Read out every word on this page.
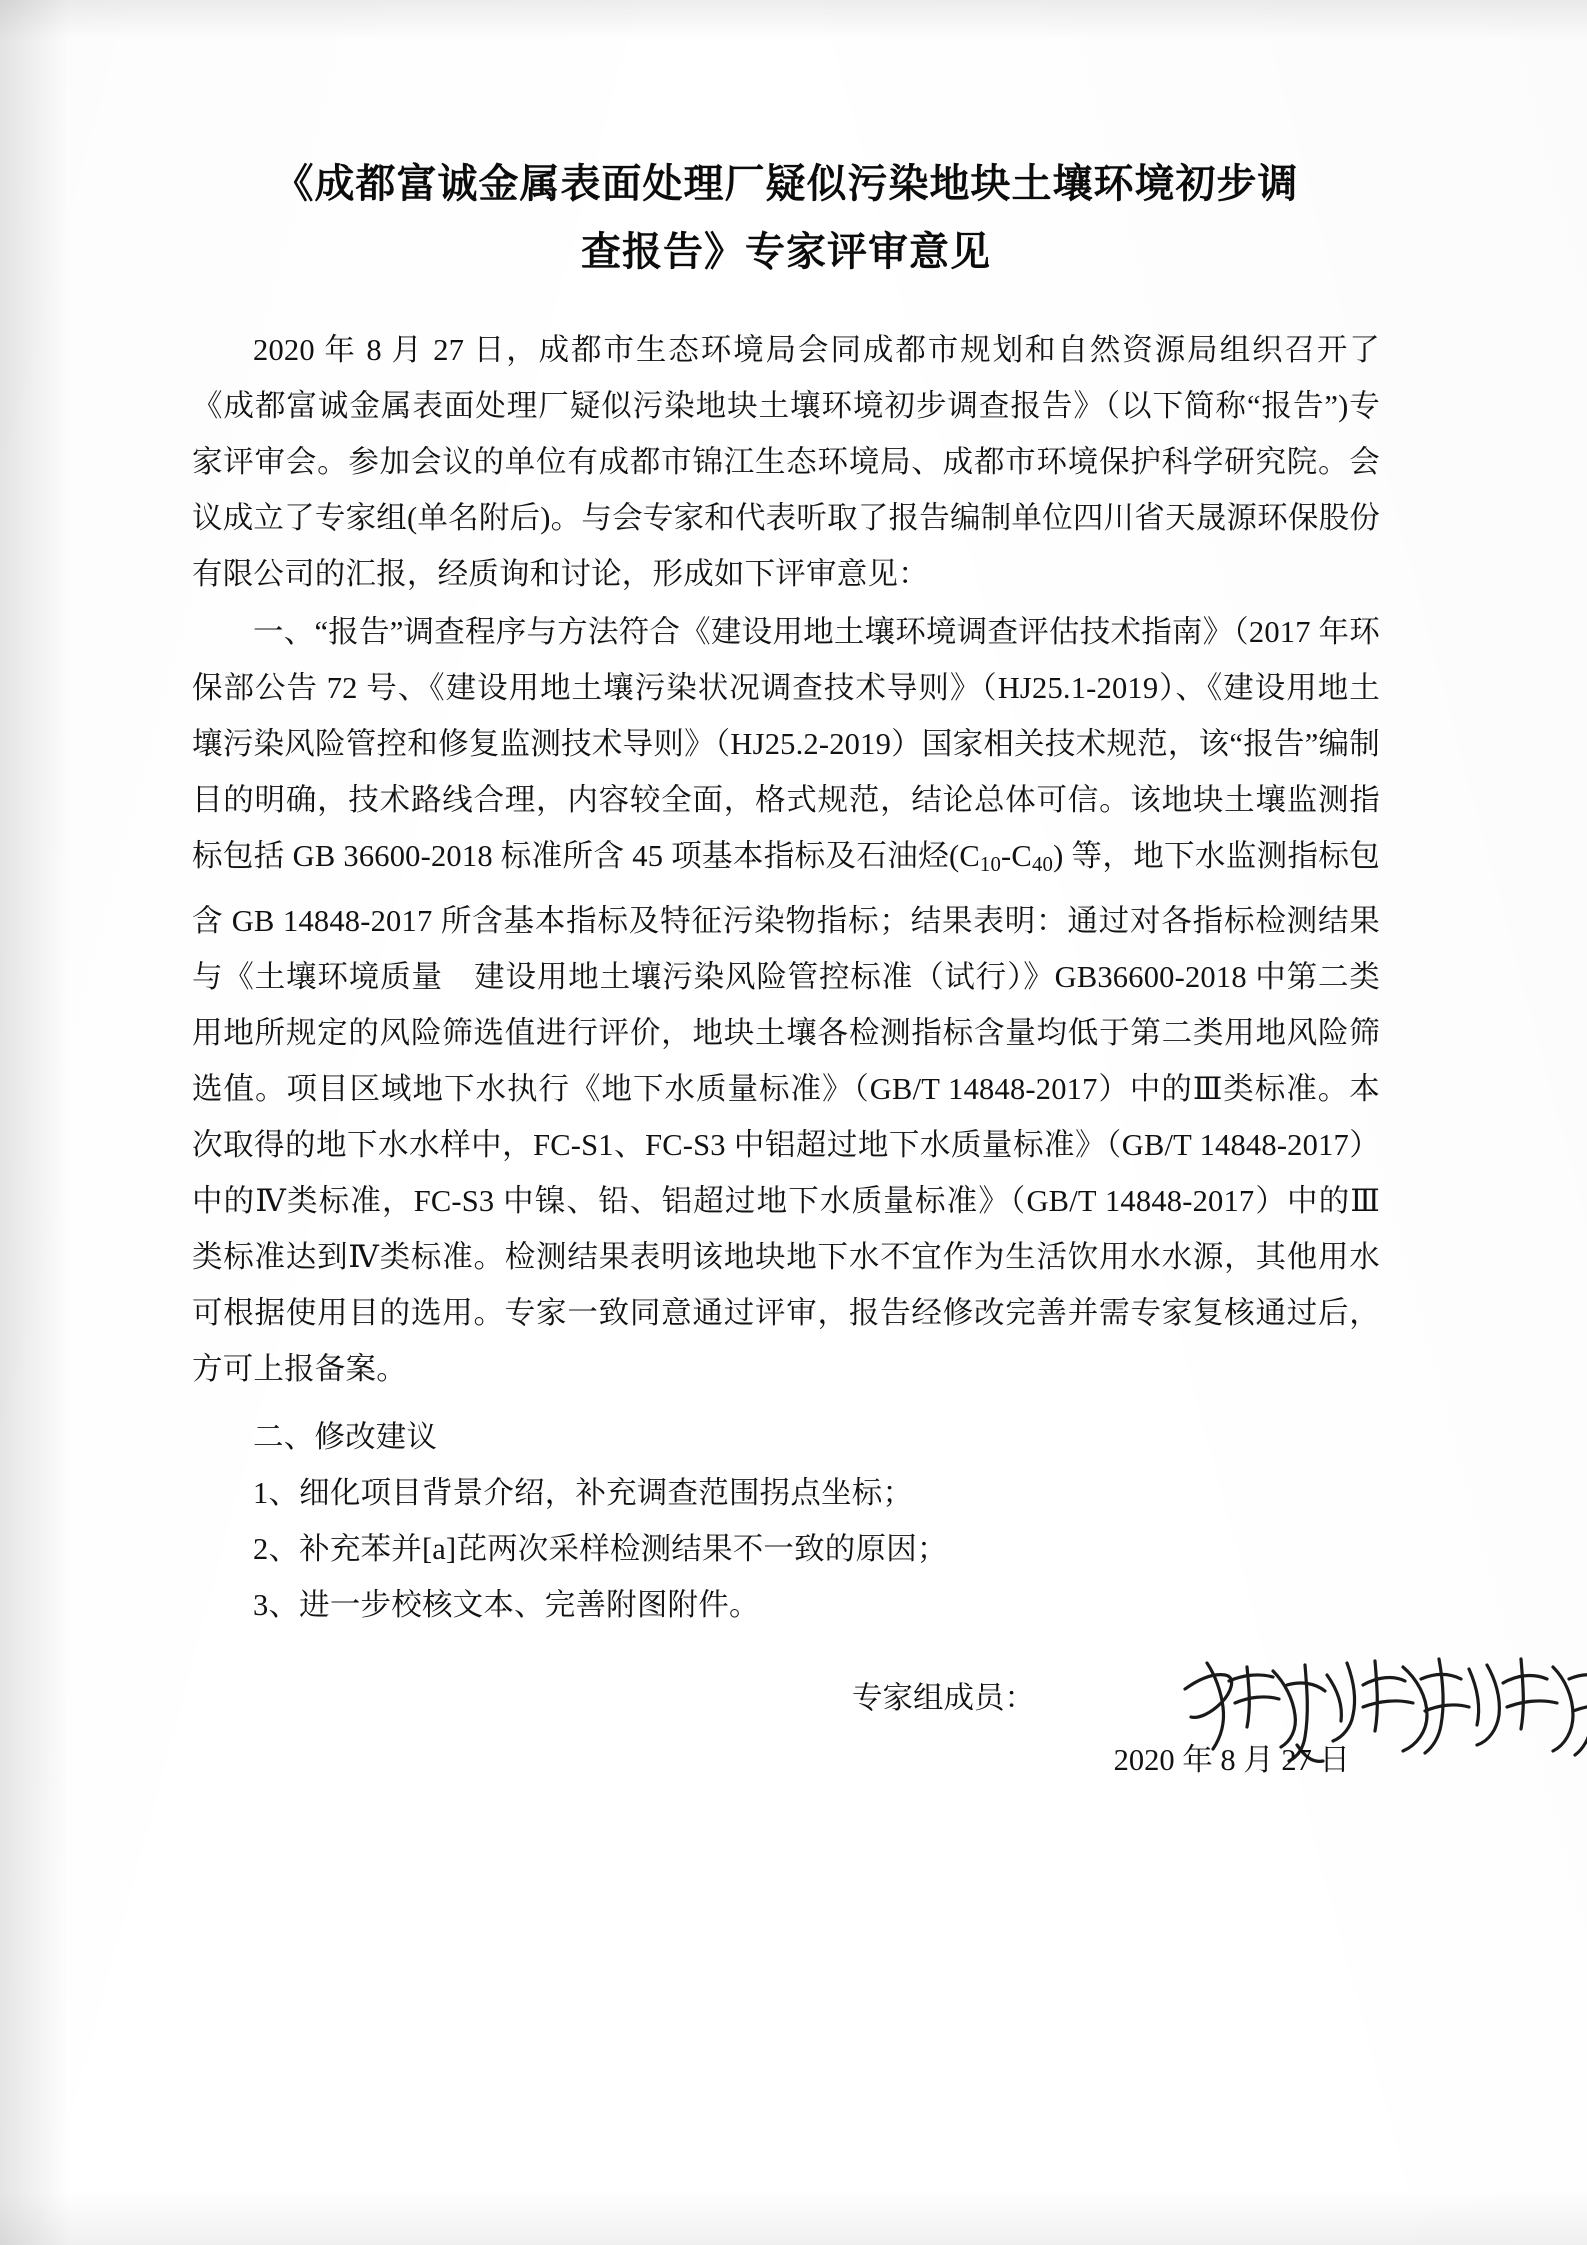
《成都富诚金属表面处理厂疑似污染地块土壤环境初步调
查报告》专家评审意见

2020 年 8 月 27 日，成都市生态环境局会同成都市规划和自然资源局组织召开了《成都富诚金属表面处理厂疑似污染地块土壤环境初步调查报告》（以下简称“报告”)专家评审会。参加会议的单位有成都市锦江生态环境局、成都市环境保护科学研究院。会议成立了专家组(单名附后)。与会专家和代表听取了报告编制单位四川省天晟源环保股份有限公司的汇报，经质询和讨论，形成如下评审意见：

一、“报告”调查程序与方法符合《建设用地土壤环境调查评估技术指南》（2017 年环保部公告 72 号、《建设用地土壤污染状况调查技术导则》（HJ25.1-2019）、《建设用地土壤污染风险管控和修复监测技术导则》（HJ25.2-2019）国家相关技术规范，该“报告”编制目的明确，技术路线合理，内容较全面，格式规范，结论总体可信。该地块土壤监测指标包括 GB 36600-2018 标准所含 45 项基本指标及石油烃$(C_{10}-C_{40})$ 等，地下水监测指标包含 GB 14848-2017 所含基本指标及特征污染物指标；结果表明：通过对各指标检测结果与《土壤环境质量　建设用地土壤污染风险管控标准（试行）》GB36600-2018 中第二类用地所规定的风险筛选值进行评价，地块土壤各检测指标含量均低于第二类用地风险筛选值。项目区域地下水执行《地下水质量标准》（GB/T 14848-2017）中的Ⅲ类标准。本次取得的地下水水样中，FC-S1、FC-S3 中铝超过地下水质量标准》（GB/T 14848-2017）中的Ⅳ类标准，FC-S3 中镍、铅、铝超过地下水质量标准》（GB/T 14848-2017）中的Ⅲ类标准达到Ⅳ类标准。检测结果表明该地块地下水不宜作为生活饮用水水源，其他用水可根据使用目的选用。专家一致同意通过评审，报告经修改完善并需专家复核通过后，方可上报备案。

二、修改建议

1、细化项目背景介绍，补充调查范围拐点坐标；

2、补充苯并[a]芘两次采样检测结果不一致的原因；

3、进一步校核文本、完善附图附件。

专家组成员：
2020 年 8 月 27 日
